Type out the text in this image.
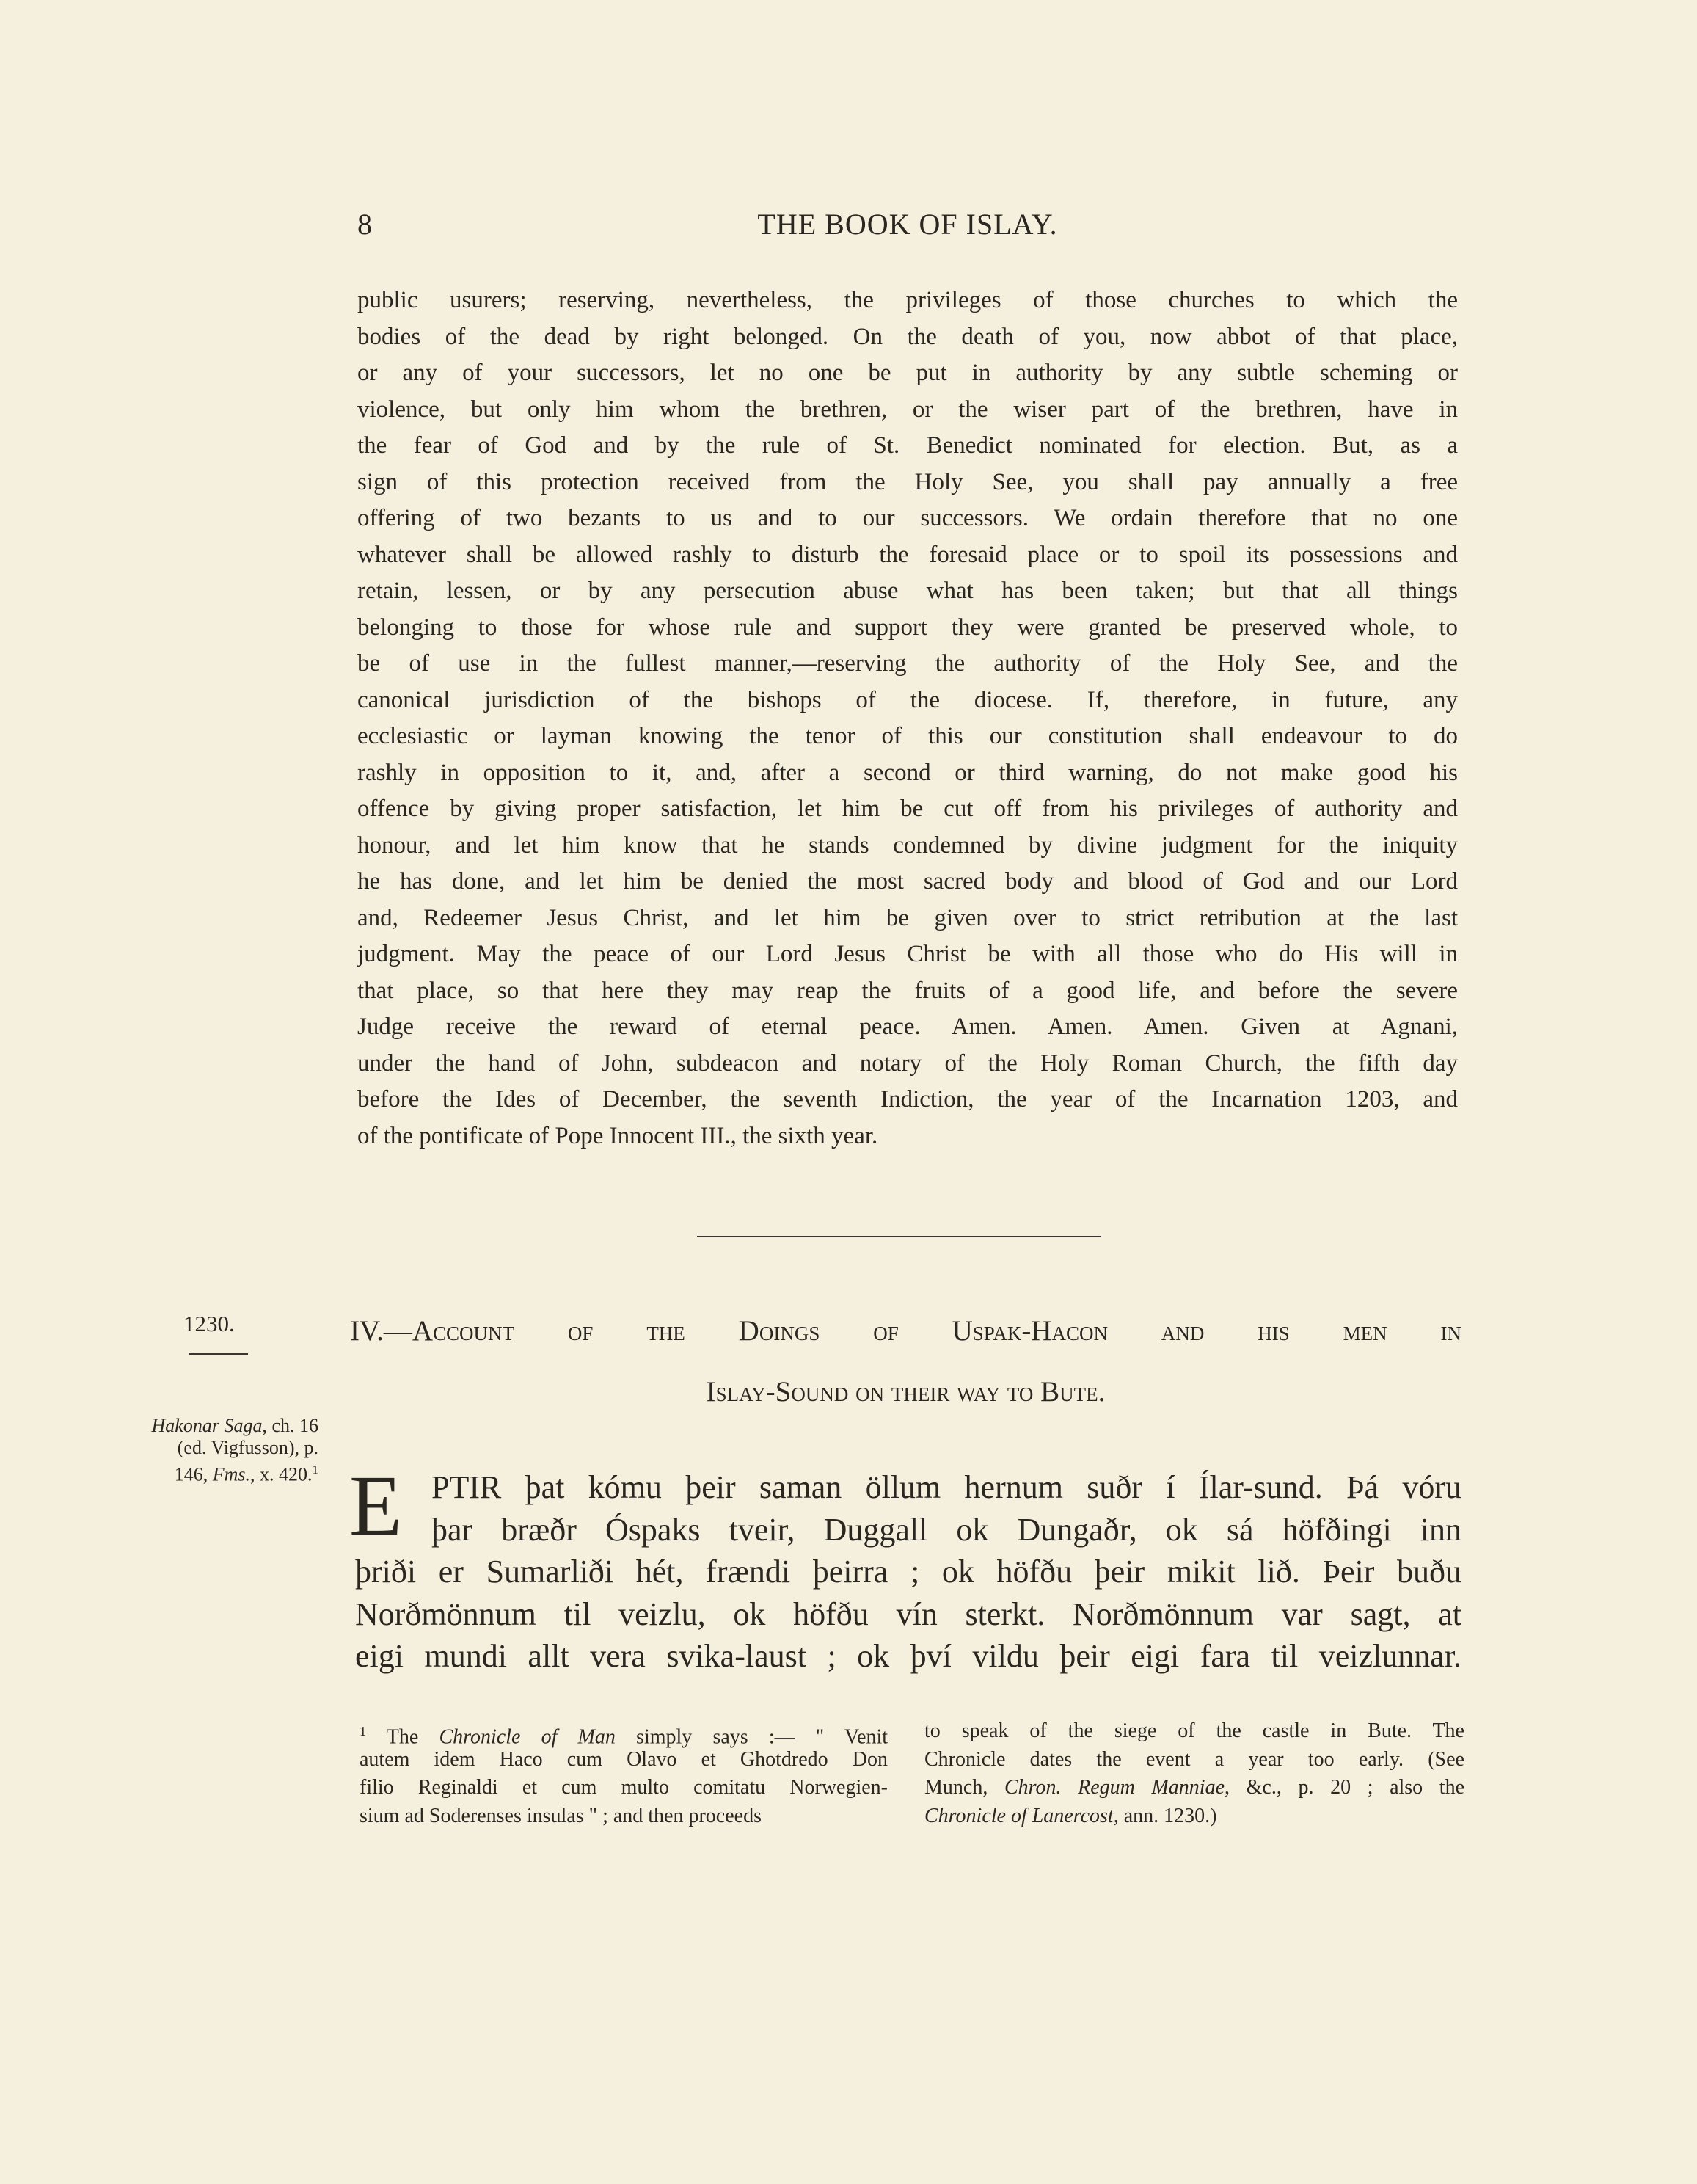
8	THE BOOK OF ISLAY.
public usurers; reserving, nevertheless, the privileges of those churches to which the
bodies of the dead by right belonged. On the death of you, now abbot of that place,
or any of your successors, let no one be put in authority by any subtle scheming or
violence, but only him whom the brethren, or the wiser part of the brethren, have in
the fear of God and by the rule of St. Benedict nominated for election. But, as a
sign of this protection received from the Holy See, you shall pay annually a free
offering of two bezants to us and to our successors. We ordain therefore that no one
whatever shall be allowed rashly to disturb the foresaid place or to spoil its possessions and
retain, lessen, or by any persecution abuse what has been taken; but that all things
belonging to those for whose rule and support they were granted be preserved whole, to
be of use in the fullest manner,—reserving the authority of the Holy See, and the
canonical jurisdiction of the bishops of the diocese. If, therefore, in future, any
ecclesiastic or layman knowing the tenor of this our constitution shall endeavour to do
rashly in opposition to it, and, after a second or third warning, do not make good his
offence by giving proper satisfaction, let him be cut off from his privileges of authority and
honour, and let him know that he stands condemned by divine judgment for the iniquity
he has done, and let him be denied the most sacred body and blood of God and our Lord
and, Redeemer Jesus Christ, and let him be given over to strict retribution at the last
judgment. May the peace of our Lord Jesus Christ be with all those who do His will in
that place, so that here they may reap the fruits of a good life, and before the severe
Judge receive the reward of eternal peace. Amen. Amen. Amen. Given at Agnani,
under the hand of John, subdeacon and notary of the Holy Roman Church, the fifth day
before the Ides of December, the seventh Indiction, the year of the Incarnation 1203, and
of the pontificate of Pope Innocent III., the sixth year.
1230.
Hakonar Saga, ch. 16
(ed. Vigfusson), p.
146, Fms., x. 420.$^1$
IV.—Account of the Doings of Uspak-Hacon and his men in
Islay-Sound on their way to Bute.
E PTIR þat kómu þeir saman öllum hernum suðr í Ílar-sund. Þá vóru
þar bræðr Óspaks tveir, Duggall ok Dungaðr, ok sá höfðingi inn
þriði er Sumarliði hét, frændi þeirra ; ok höfðu þeir mikit lið. Þeir buðu
Norðmönnum til veizlu, ok höfðu vín sterkt. Norðmönnum var sagt, at
eigi mundi allt vera svika-laust ; ok því vildu þeir eigi fara til veizlunnar.
$^1$ The Chronicle of Man simply says :— " Venit
autem idem Haco cum Olavo et Ghotdredo Don
filio Reginaldi et cum multo comitatu Norwegien-
sium ad Soderenses insulas " ; and then proceeds
to speak of the siege of the castle in Bute. The
Chronicle dates the event a year too early. (See
Munch, Chron. Regum Manniae, &c., p. 20 ; also the
Chronicle of Lanercost, ann. 1230.)
